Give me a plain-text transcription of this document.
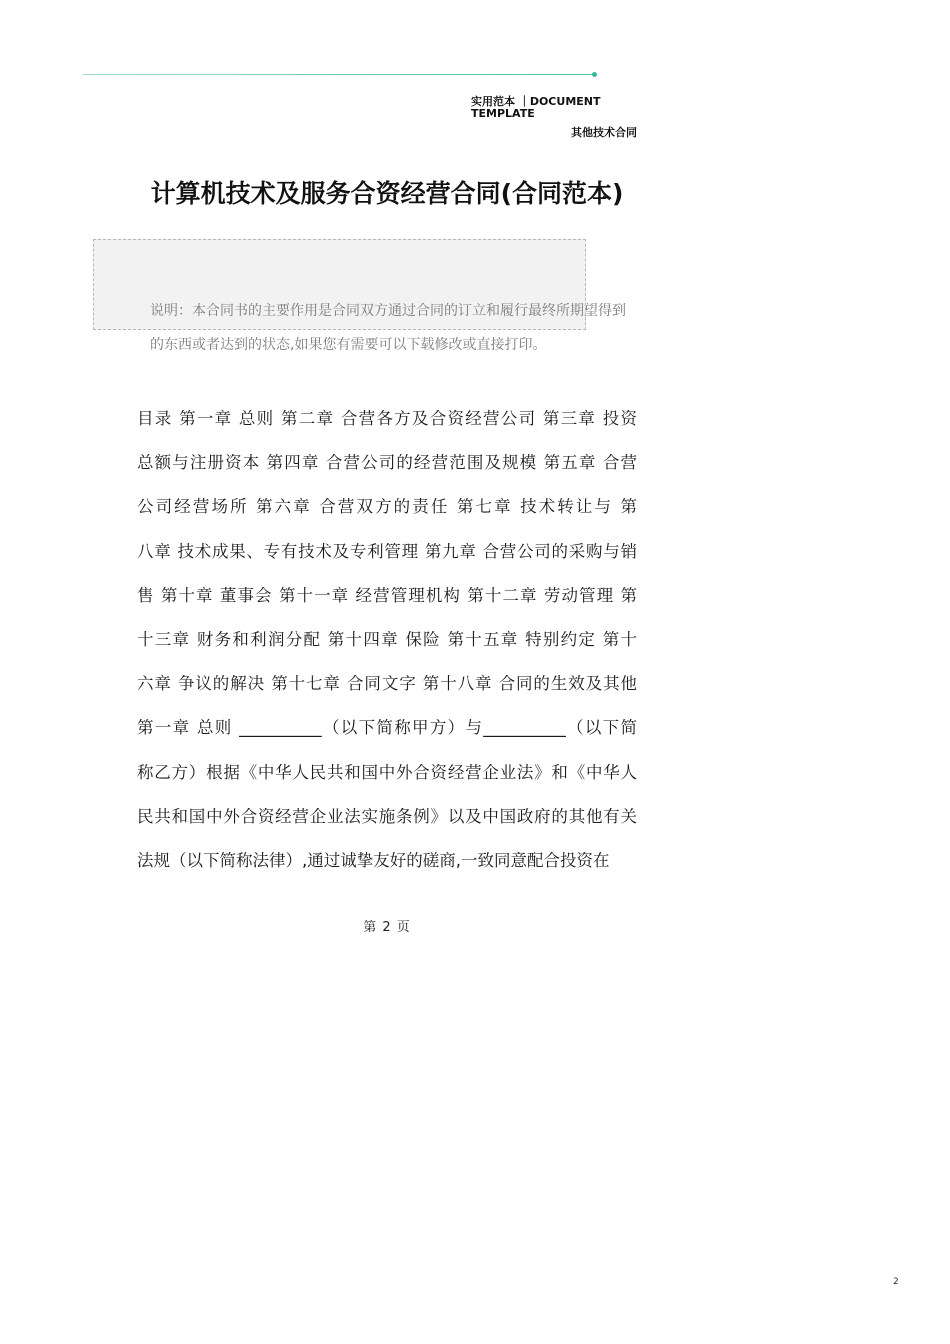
实用范本 ｜DOCUMENT TEMPLATE
其他技术合同
计算机技术及服务合资经营合同(合同范本)
说明：本合同书的主要作用是合同双方通过合同的订立和履行最终所期望得到的东西或者达到的状态,如果您有需要可以下载修改或直接打印。
目录 第一章 总则 第二章 合营各方及合资经营公司 第三章 投资
总额与注册资本 第四章 合营公司的经营范围及规模 第五章 合营
公司经营场所 第六章 合营双方的责任 第七章 技术转让与 第
八章 技术成果、专有技术及专利管理 第九章 合营公司的采购与销
售 第十章 董事会 第十一章 经营管理机构 第十二章 劳动管理 第
十三章 财务和利润分配 第十四章 保险 第十五章 特别约定 第十
六章 争议的解决 第十七章 合同文字 第十八章 合同的生效及其他
第一章 总则 __________（以下简称甲方）与__________（以下简
称乙方）根据《中华人民共和国中外合资经营企业法》和《中华人
民共和国中外合资经营企业法实施条例》以及中国政府的其他有关
法规（以下简称法律）,通过诚挚友好的磋商,一致同意配合投资在
第 2 页
2
